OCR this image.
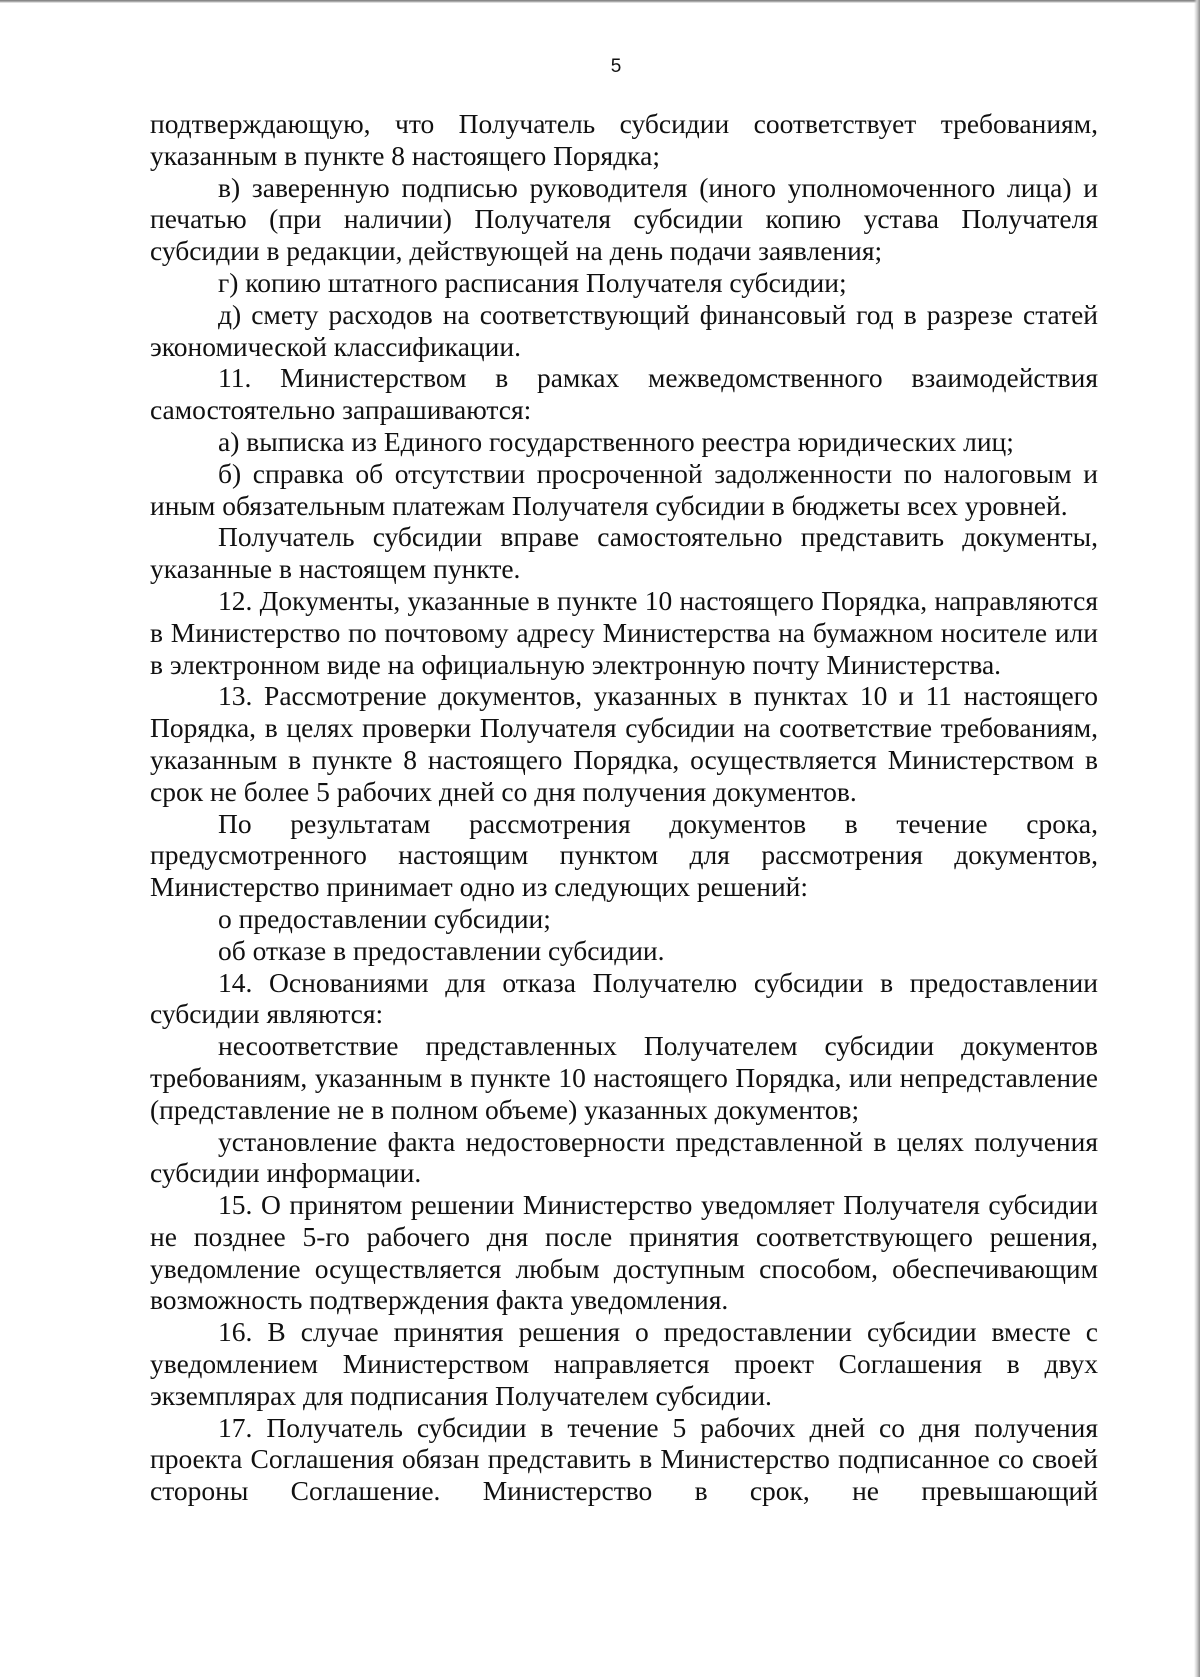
5

подтверждающую, что Получатель субсидии соответствует требованиям, указанным в пункте 8 настоящего Порядка;

в) заверенную подписью руководителя (иного уполномоченного лица) и печатью (при наличии) Получателя субсидии копию устава Получателя субсидии в редакции, действующей на день подачи заявления;

г) копию штатного расписания Получателя субсидии;

д) смету расходов на соответствующий финансовый год в разрезе статей экономической классификации.

11. Министерством в рамках межведомственного взаимодействия самостоятельно запрашиваются:

а) выписка из Единого государственного реестра юридических лиц;

б) справка об отсутствии просроченной задолженности по налоговым и иным обязательным платежам Получателя субсидии в бюджеты всех уровней.

Получатель субсидии вправе самостоятельно представить документы, указанные в настоящем пункте.

12. Документы, указанные в пункте 10 настоящего Порядка, направляются в Министерство по почтовому адресу Министерства на бумажном носителе или в электронном виде на официальную электронную почту Министерства.

13. Рассмотрение документов, указанных в пунктах 10 и 11 настоящего Порядка, в целях проверки Получателя субсидии на соответствие требованиям, указанным в пункте 8 настоящего Порядка, осуществляется Министерством в срок не более 5 рабочих дней со дня получения документов.

По результатам рассмотрения документов в течение срока, предусмотренного настоящим пунктом для рассмотрения документов, Министерство принимает одно из следующих решений:

о предоставлении субсидии;

об отказе в предоставлении субсидии.

14. Основаниями для отказа Получателю субсидии в предоставлении субсидии являются:

несоответствие представленных Получателем субсидии документов требованиям, указанным в пункте 10 настоящего Порядка, или непредставление (представление не в полном объеме) указанных документов;

установление факта недостоверности представленной в целях получения субсидии информации.

15. О принятом решении Министерство уведомляет Получателя субсидии не позднее 5-го рабочего дня после принятия соответствующего решения, уведомление осуществляется любым доступным способом, обеспечивающим возможность подтверждения факта уведомления.

16. В случае принятия решения о предоставлении субсидии вместе с уведомлением Министерством направляется проект Соглашения в двух экземплярах для подписания Получателем субсидии.

17. Получатель субсидии в течение 5 рабочих дней со дня получения проекта Соглашения обязан представить в Министерство подписанное со своей стороны Соглашение. Министерство в срок, не превышающий
